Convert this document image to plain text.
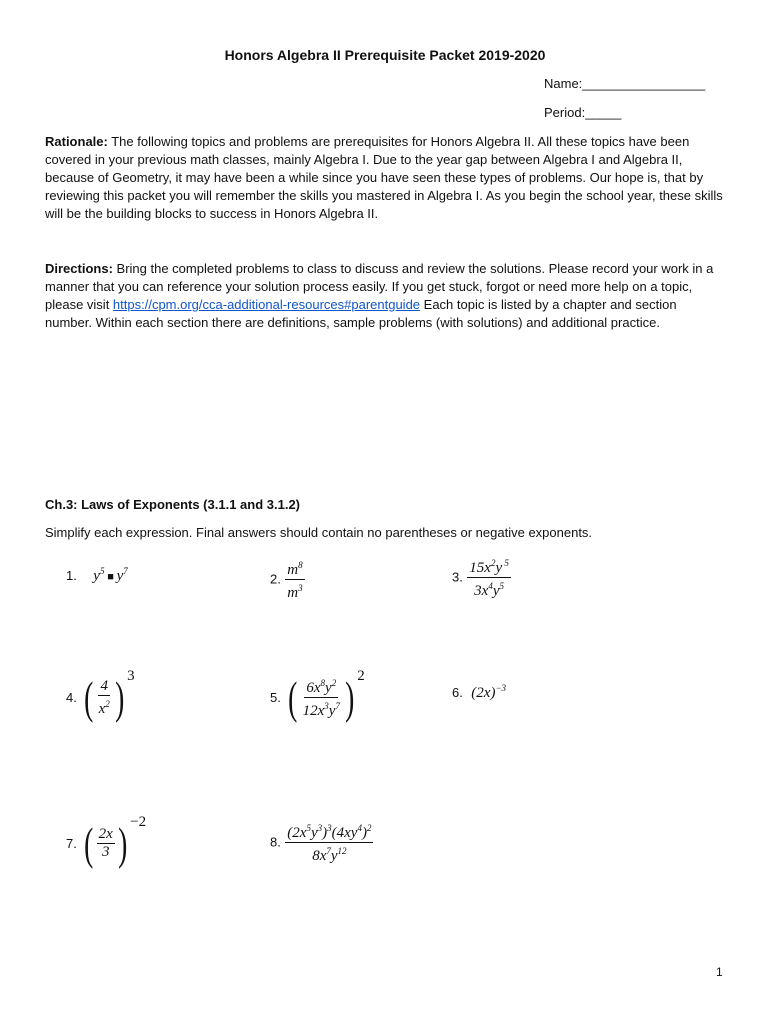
Honors Algebra II Prerequisite Packet 2019-2020
Name:_________________
Period:_____
Rationale: The following topics and problems are prerequisites for Honors Algebra II. All these topics have been covered in your previous math classes, mainly Algebra I. Due to the year gap between Algebra I and Algebra II, because of Geometry, it may have been a while since you have seen these types of problems. Our hope is, that by reviewing this packet you will remember the skills you mastered in Algebra I. As you begin the school year, these skills will be the building blocks to success in Honors Algebra II.
Directions: Bring the completed problems to class to discuss and review the solutions. Please record your work in a manner that you can reference your solution process easily. If you get stuck, forgot or need more help on a topic, please visit https://cpm.org/cca-additional-resources#parentguide Each topic is listed by a chapter and section number. Within each section there are definitions, sample problems (with solutions) and additional practice.
Ch.3: Laws of Exponents (3.1.1 and 3.1.2)
Simplify each expression. Final answers should contain no parentheses or negative exponents.
1. $y^5$ ■ $y^7$
2. $\frac{m^8}{m^3}$	3. $\frac{15x^2y ^5}{3x^4y^5}$
4. ( $\frac{4}{x^2}$ ) $^3$
5. ( $\frac{6x^8y^2}{12x^3y^7}$ ) $^2$
6. $(2x)^{-3}$
7. ( $\frac{2x}{3}$ ) $^{-2}$
8. $\frac{(2x^5y^3)^3(4xy^4)^2}{8x^7y^{12}}$
1
